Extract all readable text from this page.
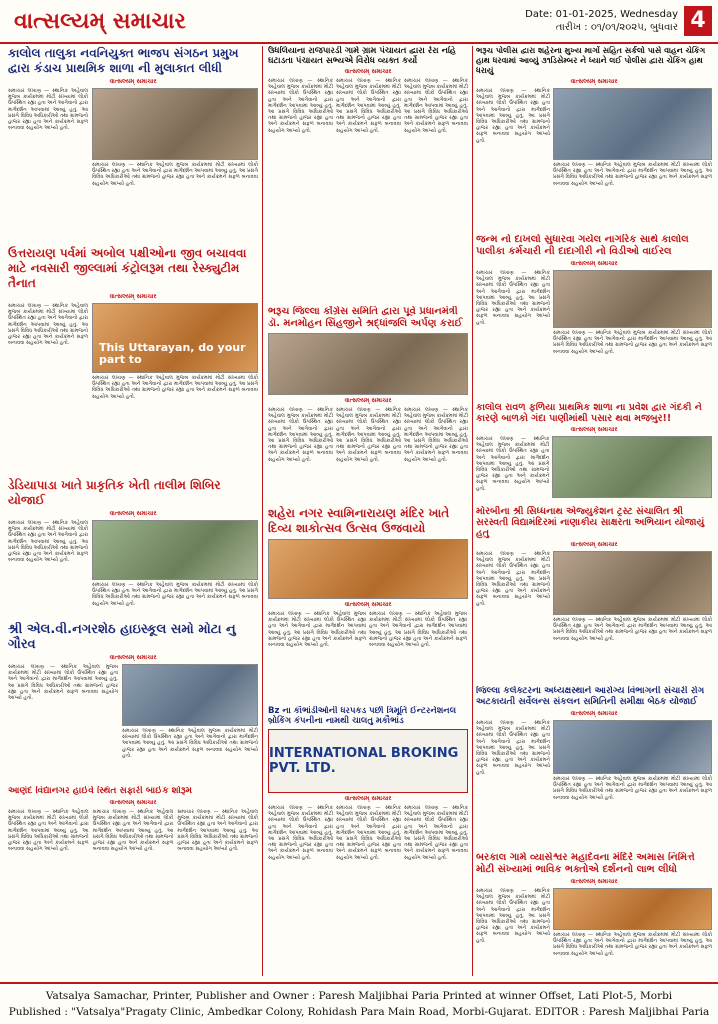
વાત્સલ્યમ્ સમાચાર	Date: 01-01-2025, Wednesday
તારીખ : ૦૧/૦૧/૨૦૨૫, બુધવાર 4
કાલોલ તાલુકા નવનિયુક્ત ભાજપ સંગઠન પ્રમુખ દ્વારા કંડાચ પ્રાથમિક શાળા ની મુલાકાત લીધી
વાત્સલ્યમ્ સમાચાર
સમાચાર લખાણ — સ્થાનિક અહેવાલ મુજબ કાર્યક્રમમાં મોટી સંખ્યામાં લોકો ઉપસ્થિત રહ્યા હતા અને આગેવાનો દ્વારા માર્ગદર્શન આપવામાં આવ્યું હતું. આ પ્રસંગે વિવિધ અધિકારીઓ તથા ગ્રામજનો હાજર રહ્યા હતા અને કાર્યક્રમને સફળ બનાવવા સહયોગ આપ્યો હતો.
સમાચાર લખાણ — સ્થાનિક અહેવાલ મુજબ કાર્યક્રમમાં મોટી સંખ્યામાં લોકો ઉપસ્થિત રહ્યા હતા અને આગેવાનો દ્વારા માર્ગદર્શન આપવામાં આવ્યું હતું. આ પ્રસંગે વિવિધ અધિકારીઓ તથા ગ્રામજનો હાજર રહ્યા હતા અને કાર્યક્રમને સફળ બનાવવા સહયોગ આપ્યો હતો.
ઉત્તરાયણ પર્વમાં અબોલ પક્ષીઓના જીવ બચાવવા માટે નવસારી જીલ્લામાં કંટ્રોલરૂમ તથા રેસ્ક્યુટીમ તૈનાત
વાત્સલ્યમ્ સમાચાર
સમાચાર લખાણ — સ્થાનિક અહેવાલ મુજબ કાર્યક્રમમાં મોટી સંખ્યામાં લોકો ઉપસ્થિત રહ્યા હતા અને આગેવાનો દ્વારા માર્ગદર્શન આપવામાં આવ્યું હતું. આ પ્રસંગે વિવિધ અધિકારીઓ તથા ગ્રામજનો હાજર રહ્યા હતા અને કાર્યક્રમને સફળ બનાવવા સહયોગ આપ્યો હતો.	This Uttarayan, do your part to
સમાચાર લખાણ — સ્થાનિક અહેવાલ મુજબ કાર્યક્રમમાં મોટી સંખ્યામાં લોકો ઉપસ્થિત રહ્યા હતા અને આગેવાનો દ્વારા માર્ગદર્શન આપવામાં આવ્યું હતું. આ પ્રસંગે વિવિધ અધિકારીઓ તથા ગ્રામજનો હાજર રહ્યા હતા અને કાર્યક્રમને સફળ બનાવવા સહયોગ આપ્યો હતો.
ડેડિયાપાડા ખાતે પ્રાકૃતિક ખેતી તાલીમ શિબિર યોજાઈ
વાત્સલ્યમ્ સમાચાર
સમાચાર લખાણ — સ્થાનિક અહેવાલ મુજબ કાર્યક્રમમાં મોટી સંખ્યામાં લોકો ઉપસ્થિત રહ્યા હતા અને આગેવાનો દ્વારા માર્ગદર્શન આપવામાં આવ્યું હતું. આ પ્રસંગે વિવિધ અધિકારીઓ તથા ગ્રામજનો હાજર રહ્યા હતા અને કાર્યક્રમને સફળ બનાવવા સહયોગ આપ્યો હતો.
સમાચાર લખાણ — સ્થાનિક અહેવાલ મુજબ કાર્યક્રમમાં મોટી સંખ્યામાં લોકો ઉપસ્થિત રહ્યા હતા અને આગેવાનો દ્વારા માર્ગદર્શન આપવામાં આવ્યું હતું. આ પ્રસંગે વિવિધ અધિકારીઓ તથા ગ્રામજનો હાજર રહ્યા હતા અને કાર્યક્રમને સફળ બનાવવા સહયોગ આપ્યો હતો.
શ્રી એલ.વી.નગરશેઠ હાઇસ્કૂલ સમો મોટા નુ ગૌરવ
વાત્સલ્યમ્ સમાચાર
સમાચાર લખાણ — સ્થાનિક અહેવાલ મુજબ કાર્યક્રમમાં મોટી સંખ્યામાં લોકો ઉપસ્થિત રહ્યા હતા અને આગેવાનો દ્વારા માર્ગદર્શન આપવામાં આવ્યું હતું. આ પ્રસંગે વિવિધ અધિકારીઓ તથા ગ્રામજનો હાજર રહ્યા હતા અને કાર્યક્રમને સફળ બનાવવા સહયોગ આપ્યો હતો.
સમાચાર લખાણ — સ્થાનિક અહેવાલ મુજબ કાર્યક્રમમાં મોટી સંખ્યામાં લોકો ઉપસ્થિત રહ્યા હતા અને આગેવાનો દ્વારા માર્ગદર્શન આપવામાં આવ્યું હતું. આ પ્રસંગે વિવિધ અધિકારીઓ તથા ગ્રામજનો હાજર રહ્યા હતા અને કાર્યક્રમને સફળ બનાવવા સહયોગ આપ્યો હતો.
આણંદ વિદ્યાનગર હાઈવે સ્થિત સફારી બાઈક શોરૂમ
વાત્સલ્યમ્ સમાચાર
સમાચાર લખાણ — સ્થાનિક અહેવાલ મુજબ કાર્યક્રમમાં મોટી સંખ્યામાં લોકો ઉપસ્થિત રહ્યા હતા અને આગેવાનો દ્વારા માર્ગદર્શન આપવામાં આવ્યું હતું. આ પ્રસંગે વિવિધ અધિકારીઓ તથા ગ્રામજનો હાજર રહ્યા હતા અને કાર્યક્રમને સફળ બનાવવા સહયોગ આપ્યો હતો.
સમાચાર લખાણ — સ્થાનિક અહેવાલ મુજબ કાર્યક્રમમાં મોટી સંખ્યામાં લોકો ઉપસ્થિત રહ્યા હતા અને આગેવાનો દ્વારા માર્ગદર્શન આપવામાં આવ્યું હતું. આ પ્રસંગે વિવિધ અધિકારીઓ તથા ગ્રામજનો હાજર રહ્યા હતા અને કાર્યક્રમને સફળ બનાવવા સહયોગ આપ્યો હતો.
સમાચાર લખાણ — સ્થાનિક અહેવાલ મુજબ કાર્યક્રમમાં મોટી સંખ્યામાં લોકો ઉપસ્થિત રહ્યા હતા અને આગેવાનો દ્વારા માર્ગદર્શન આપવામાં આવ્યું હતું. આ પ્રસંગે વિવિધ અધિકારીઓ તથા ગ્રામજનો હાજર રહ્યા હતા અને કાર્યક્રમને સફળ બનાવવા સહયોગ આપ્યો હતો.
ઉધલિયાના રાજપારડી ગામે ગ્રામ પંચાયત દ્વારા રેરા નહિ ઘટાડતા પંચાયત સભ્યએ વિરોધ વ્યક્ત કર્યો
વાત્સલ્યમ્ સમાચાર
સમાચાર લખાણ — સ્થાનિક અહેવાલ મુજબ કાર્યક્રમમાં મોટી સંખ્યામાં લોકો ઉપસ્થિત રહ્યા હતા અને આગેવાનો દ્વારા માર્ગદર્શન આપવામાં આવ્યું હતું. આ પ્રસંગે વિવિધ અધિકારીઓ તથા ગ્રામજનો હાજર રહ્યા હતા અને કાર્યક્રમને સફળ બનાવવા સહયોગ આપ્યો હતો.
સમાચાર લખાણ — સ્થાનિક અહેવાલ મુજબ કાર્યક્રમમાં મોટી સંખ્યામાં લોકો ઉપસ્થિત રહ્યા હતા અને આગેવાનો દ્વારા માર્ગદર્શન આપવામાં આવ્યું હતું. આ પ્રસંગે વિવિધ અધિકારીઓ તથા ગ્રામજનો હાજર રહ્યા હતા અને કાર્યક્રમને સફળ બનાવવા સહયોગ આપ્યો હતો.
સમાચાર લખાણ — સ્થાનિક અહેવાલ મુજબ કાર્યક્રમમાં મોટી સંખ્યામાં લોકો ઉપસ્થિત રહ્યા હતા અને આગેવાનો દ્વારા માર્ગદર્શન આપવામાં આવ્યું હતું. આ પ્રસંગે વિવિધ અધિકારીઓ તથા ગ્રામજનો હાજર રહ્યા હતા અને કાર્યક્રમને સફળ બનાવવા સહયોગ આપ્યો હતો.
ભરૂચ જિલ્લા કોંગ્રેસ સમિતિ દ્વારા પૂર્વ પ્રધાનમંત્રી ડૉ. મનમોહન સિંહજીને શ્રદ્ધાંજલિ અર્પણ કરાઈ
વાત્સલ્યમ્ સમાચાર
સમાચાર લખાણ — સ્થાનિક અહેવાલ મુજબ કાર્યક્રમમાં મોટી સંખ્યામાં લોકો ઉપસ્થિત રહ્યા હતા અને આગેવાનો દ્વારા માર્ગદર્શન આપવામાં આવ્યું હતું. આ પ્રસંગે વિવિધ અધિકારીઓ તથા ગ્રામજનો હાજર રહ્યા હતા અને કાર્યક્રમને સફળ બનાવવા સહયોગ આપ્યો હતો.
સમાચાર લખાણ — સ્થાનિક અહેવાલ મુજબ કાર્યક્રમમાં મોટી સંખ્યામાં લોકો ઉપસ્થિત રહ્યા હતા અને આગેવાનો દ્વારા માર્ગદર્શન આપવામાં આવ્યું હતું. આ પ્રસંગે વિવિધ અધિકારીઓ તથા ગ્રામજનો હાજર રહ્યા હતા અને કાર્યક્રમને સફળ બનાવવા સહયોગ આપ્યો હતો.
સમાચાર લખાણ — સ્થાનિક અહેવાલ મુજબ કાર્યક્રમમાં મોટી સંખ્યામાં લોકો ઉપસ્થિત રહ્યા હતા અને આગેવાનો દ્વારા માર્ગદર્શન આપવામાં આવ્યું હતું. આ પ્રસંગે વિવિધ અધિકારીઓ તથા ગ્રામજનો હાજર રહ્યા હતા અને કાર્યક્રમને સફળ બનાવવા સહયોગ આપ્યો હતો.
શહેરા નગર સ્વામિનારાયણ મંદિર ખાતે દિવ્ય શાકોત્સવ ઉત્સવ ઉજવાયો
વાત્સલ્યમ્ સમાચાર
સમાચાર લખાણ — સ્થાનિક અહેવાલ મુજબ કાર્યક્રમમાં મોટી સંખ્યામાં લોકો ઉપસ્થિત રહ્યા હતા અને આગેવાનો દ્વારા માર્ગદર્શન આપવામાં આવ્યું હતું. આ પ્રસંગે વિવિધ અધિકારીઓ તથા ગ્રામજનો હાજર રહ્યા હતા અને કાર્યક્રમને સફળ બનાવવા સહયોગ આપ્યો હતો.
સમાચાર લખાણ — સ્થાનિક અહેવાલ મુજબ કાર્યક્રમમાં મોટી સંખ્યામાં લોકો ઉપસ્થિત રહ્યા હતા અને આગેવાનો દ્વારા માર્ગદર્શન આપવામાં આવ્યું હતું. આ પ્રસંગે વિવિધ અધિકારીઓ તથા ગ્રામજનો હાજર રહ્યા હતા અને કાર્યક્રમને સફળ બનાવવા સહયોગ આપ્યો હતો.
Bz ના કૌભાંડીઓની ધરપકડ પછી ત્રિમૂર્તિ ઈન્ટરનેશનલ બ્રોકિંગ કંપનીના નામથી ચાલતુ મકૌભાંડ
INTERNATIONAL BROKING PVT. LTD.
વાત્સલ્યમ્ સમાચાર
સમાચાર લખાણ — સ્થાનિક અહેવાલ મુજબ કાર્યક્રમમાં મોટી સંખ્યામાં લોકો ઉપસ્થિત રહ્યા હતા અને આગેવાનો દ્વારા માર્ગદર્શન આપવામાં આવ્યું હતું. આ પ્રસંગે વિવિધ અધિકારીઓ તથા ગ્રામજનો હાજર રહ્યા હતા અને કાર્યક્રમને સફળ બનાવવા સહયોગ આપ્યો હતો.
સમાચાર લખાણ — સ્થાનિક અહેવાલ મુજબ કાર્યક્રમમાં મોટી સંખ્યામાં લોકો ઉપસ્થિત રહ્યા હતા અને આગેવાનો દ્વારા માર્ગદર્શન આપવામાં આવ્યું હતું. આ પ્રસંગે વિવિધ અધિકારીઓ તથા ગ્રામજનો હાજર રહ્યા હતા અને કાર્યક્રમને સફળ બનાવવા સહયોગ આપ્યો હતો.
સમાચાર લખાણ — સ્થાનિક અહેવાલ મુજબ કાર્યક્રમમાં મોટી સંખ્યામાં લોકો ઉપસ્થિત રહ્યા હતા અને આગેવાનો દ્વારા માર્ગદર્શન આપવામાં આવ્યું હતું. આ પ્રસંગે વિવિધ અધિકારીઓ તથા ગ્રામજનો હાજર રહ્યા હતા અને કાર્યક્રમને સફળ બનાવવા સહયોગ આપ્યો હતો.
ભરૂચ પોલીસ દ્વારા શહેરના મુખ્ય માર્ગો સહિત સર્કલો પાસે વાહન ચેકિંગ હાથ ધરવામાં આવ્યું ૩૧ડિસેમ્બર ને ધ્યાને લઈ પોલીસ દ્વારા ચેકિંગ હાથ ધરાયું
વાત્સલ્યમ્ સમાચાર
સમાચાર લખાણ — સ્થાનિક અહેવાલ મુજબ કાર્યક્રમમાં મોટી સંખ્યામાં લોકો ઉપસ્થિત રહ્યા હતા અને આગેવાનો દ્વારા માર્ગદર્શન આપવામાં આવ્યું હતું. આ પ્રસંગે વિવિધ અધિકારીઓ તથા ગ્રામજનો હાજર રહ્યા હતા અને કાર્યક્રમને સફળ બનાવવા સહયોગ આપ્યો હતો.
સમાચાર લખાણ — સ્થાનિક અહેવાલ મુજબ કાર્યક્રમમાં મોટી સંખ્યામાં લોકો ઉપસ્થિત રહ્યા હતા અને આગેવાનો દ્વારા માર્ગદર્શન આપવામાં આવ્યું હતું. આ પ્રસંગે વિવિધ અધિકારીઓ તથા ગ્રામજનો હાજર રહ્યા હતા અને કાર્યક્રમને સફળ બનાવવા સહયોગ આપ્યો હતો.
જન્મ નો દાખલો સુધારવા ગયેલ નાગરિક સાથે કાલોલ પાલીકા કર્મચારી ની દાદાગીરી નો વિડીઓ વાઈરલ
વાત્સલ્યમ્ સમાચાર
સમાચાર લખાણ — સ્થાનિક અહેવાલ મુજબ કાર્યક્રમમાં મોટી સંખ્યામાં લોકો ઉપસ્થિત રહ્યા હતા અને આગેવાનો દ્વારા માર્ગદર્શન આપવામાં આવ્યું હતું. આ પ્રસંગે વિવિધ અધિકારીઓ તથા ગ્રામજનો હાજર રહ્યા હતા અને કાર્યક્રમને સફળ બનાવવા સહયોગ આપ્યો હતો.
સમાચાર લખાણ — સ્થાનિક અહેવાલ મુજબ કાર્યક્રમમાં મોટી સંખ્યામાં લોકો ઉપસ્થિત રહ્યા હતા અને આગેવાનો દ્વારા માર્ગદર્શન આપવામાં આવ્યું હતું. આ પ્રસંગે વિવિધ અધિકારીઓ તથા ગ્રામજનો હાજર રહ્યા હતા અને કાર્યક્રમને સફળ બનાવવા સહયોગ આપ્યો હતો.
કાલોલ રાવળ ફળિયા પ્રાથમિક શાળા ના પ્રવેશ દ્વાર ગંદકી ને કારણે બાળકો ગંદા પાણીમાંથી પસાર થવા મજબુર!!
વાત્સલ્યમ્ સમાચાર
સમાચાર લખાણ — સ્થાનિક અહેવાલ મુજબ કાર્યક્રમમાં મોટી સંખ્યામાં લોકો ઉપસ્થિત રહ્યા હતા અને આગેવાનો દ્વારા માર્ગદર્શન આપવામાં આવ્યું હતું. આ પ્રસંગે વિવિધ અધિકારીઓ તથા ગ્રામજનો હાજર રહ્યા હતા અને કાર્યક્રમને સફળ બનાવવા સહયોગ આપ્યો હતો.
મોરબીના શ્રી સિધ્ધનાથ એજ્યુકેશન ટ્રસ્ટ સંચાલિત શ્રી સરસ્વતી વિદ્યામંદિરમાં નાણાકીય સાક્ષરતા અભિયાન યોજાયું હતુ
વાત્સલ્યમ્ સમાચાર
સમાચાર લખાણ — સ્થાનિક અહેવાલ મુજબ કાર્યક્રમમાં મોટી સંખ્યામાં લોકો ઉપસ્થિત રહ્યા હતા અને આગેવાનો દ્વારા માર્ગદર્શન આપવામાં આવ્યું હતું. આ પ્રસંગે વિવિધ અધિકારીઓ તથા ગ્રામજનો હાજર રહ્યા હતા અને કાર્યક્રમને સફળ બનાવવા સહયોગ આપ્યો હતો.
સમાચાર લખાણ — સ્થાનિક અહેવાલ મુજબ કાર્યક્રમમાં મોટી સંખ્યામાં લોકો ઉપસ્થિત રહ્યા હતા અને આગેવાનો દ્વારા માર્ગદર્શન આપવામાં આવ્યું હતું. આ પ્રસંગે વિવિધ અધિકારીઓ તથા ગ્રામજનો હાજર રહ્યા હતા અને કાર્યક્રમને સફળ બનાવવા સહયોગ આપ્યો હતો.
જિલ્લા કલેક્ટરના અધ્યક્ષસ્થાને આરોગ્ય વિભાગની સંચારી રોગ અટકાયતી સર્વેલન્સ સંકલન સમિતિની સમીક્ષા બેઠક યોજાઈ
વાત્સલ્યમ્ સમાચાર
સમાચાર લખાણ — સ્થાનિક અહેવાલ મુજબ કાર્યક્રમમાં મોટી સંખ્યામાં લોકો ઉપસ્થિત રહ્યા હતા અને આગેવાનો દ્વારા માર્ગદર્શન આપવામાં આવ્યું હતું. આ પ્રસંગે વિવિધ અધિકારીઓ તથા ગ્રામજનો હાજર રહ્યા હતા અને કાર્યક્રમને સફળ બનાવવા સહયોગ આપ્યો હતો.
સમાચાર લખાણ — સ્થાનિક અહેવાલ મુજબ કાર્યક્રમમાં મોટી સંખ્યામાં લોકો ઉપસ્થિત રહ્યા હતા અને આગેવાનો દ્વારા માર્ગદર્શન આપવામાં આવ્યું હતું. આ પ્રસંગે વિવિધ અધિકારીઓ તથા ગ્રામજનો હાજર રહ્યા હતા અને કાર્યક્રમને સફળ બનાવવા સહયોગ આપ્યો હતો.
બરકાલ ગામે વ્યાસેશ્વર મહાદેવના મંદિરે અમાસ નિમિત્તે મોટી સંખ્યામાં ભાવિક ભક્તોએ દર્શનનો લાભ લીધો
વાત્સલ્યમ્ સમાચાર
સમાચાર લખાણ — સ્થાનિક અહેવાલ મુજબ કાર્યક્રમમાં મોટી સંખ્યામાં લોકો ઉપસ્થિત રહ્યા હતા અને આગેવાનો દ્વારા માર્ગદર્શન આપવામાં આવ્યું હતું. આ પ્રસંગે વિવિધ અધિકારીઓ તથા ગ્રામજનો હાજર રહ્યા હતા અને કાર્યક્રમને સફળ બનાવવા સહયોગ આપ્યો હતો.
સમાચાર લખાણ — સ્થાનિક અહેવાલ મુજબ કાર્યક્રમમાં મોટી સંખ્યામાં લોકો ઉપસ્થિત રહ્યા હતા અને આગેવાનો દ્વારા માર્ગદર્શન આપવામાં આવ્યું હતું. આ પ્રસંગે વિવિધ અધિકારીઓ તથા ગ્રામજનો હાજર રહ્યા હતા અને કાર્યક્રમને સફળ બનાવવા સહયોગ આપ્યો હતો.
Vatsalya Samachar, Printer, Publisher and Owner : Paresh Maljibhai Paria Printed at winner Offset, Lati Plot-5, Morbi
Published : "Vatsalya"Pragaty Clinic, Ambedkar Colony, Rohidash Para Main Road, Morbi-Gujarat. EDITOR : Paresh Maljibhai Paria
